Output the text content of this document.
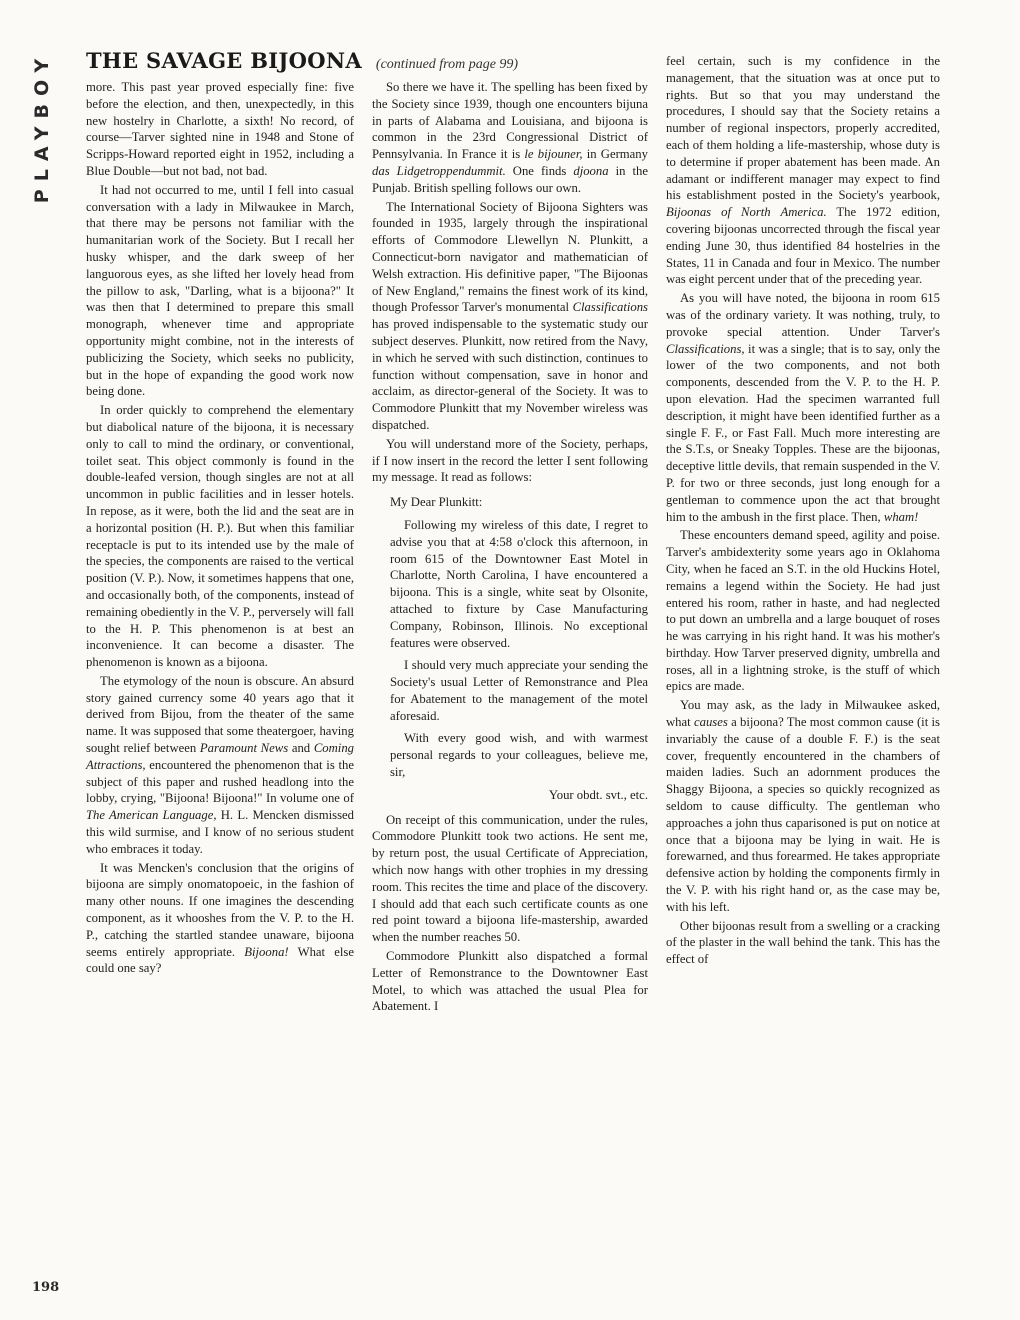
PLAYBOY
198
THE SAVAGE BIJOONA (continued from page 99)

more. This past year proved especially fine: five before the election, and then, unexpectedly, in this new hostelry in Charlotte, a sixth! No record, of course—Tarver sighted nine in 1948 and Stone of Scripps-Howard reported eight in 1952, including a Blue Double—but not bad, not bad.

It had not occurred to me, until I fell into casual conversation with a lady in Milwaukee in March, that there may be persons not familiar with the humanitarian work of the Society. But I recall her husky whisper, and the dark sweep of her languorous eyes, as she lifted her lovely head from the pillow to ask, "Darling, what is a bijoona?" It was then that I determined to prepare this small monograph, whenever time and appropriate opportunity might combine, not in the interests of publicizing the Society, which seeks no publicity, but in the hope of expanding the good work now being done.

In order quickly to comprehend the elementary but diabolical nature of the bijoona, it is necessary only to call to mind the ordinary, or conventional, toilet seat. This object commonly is found in the double-leafed version, though singles are not at all uncommon in public facilities and in lesser hotels. In repose, as it were, both the lid and the seat are in a horizontal position (H. P.). But when this familiar receptacle is put to its intended use by the male of the species, the components are raised to the vertical position (V. P.). Now, it sometimes happens that one, and occasionally both, of the components, instead of remaining obediently in the V. P., perversely will fall to the H. P. This phenomenon is at best an inconvenience. It can become a disaster. The phenomenon is known as a bijoona.

The etymology of the noun is obscure. An absurd story gained currency some 40 years ago that it derived from Bijou, from the theater of the same name. It was supposed that some theatergoer, having sought relief between Paramount News and Coming Attractions, encountered the phenomenon that is the subject of this paper and rushed headlong into the lobby, crying, "Bijoona! Bijoona!" In volume one of The American Language, H. L. Mencken dismissed this wild surmise, and I know of no serious student who embraces it today.

It was Mencken's conclusion that the origins of bijoona are simply onomatopoeic, in the fashion of many other nouns. If one imagines the descending component, as it whooshes from the V. P. to the H. P., catching the startled standee unaware, bijoona seems entirely appropriate. Bijoona! What else could one say?

So there we have it. The spelling has been fixed by the Society since 1939, though one encounters bijuna in parts of Alabama and Louisiana, and bijoona is common in the 23rd Congressional District of Pennsylvania. In France it is le bijouner, in Germany das Lidgetroppendummit. One finds djoona in the Punjab. British spelling follows our own.

The International Society of Bijoona Sighters was founded in 1935, largely through the inspirational efforts of Commodore Llewellyn N. Plunkitt, a Connecticut-born navigator and mathematician of Welsh extraction. His definitive paper, "The Bijoonas of New England," remains the finest work of its kind, though Professor Tarver's monumental Classifications has proved indispensable to the systematic study our subject deserves. Plunkitt, now retired from the Navy, in which he served with such distinction, continues to function without compensation, save in honor and acclaim, as director-general of the Society. It was to Commodore Plunkitt that my November wireless was dispatched.

You will understand more of the Society, perhaps, if I now insert in the record the letter I sent following my message. It read as follows:

My Dear Plunkitt:

Following my wireless of this date, I regret to advise you that at 4:58 o'clock this afternoon, in room 615 of the Downtowner East Motel in Charlotte, North Carolina, I have encountered a bijoona. This is a single, white seat by Olsonite, attached to fixture by Case Manufacturing Company, Robinson, Illinois. No exceptional features were observed.

I should very much appreciate your sending the Society's usual Letter of Remonstrance and Plea for Abatement to the management of the motel aforesaid.

With every good wish, and with warmest personal regards to your colleagues, believe me, sir,

Your obdt. svt., etc.

On receipt of this communication, under the rules, Commodore Plunkitt took two actions. He sent me, by return post, the usual Certificate of Appreciation, which now hangs with other trophies in my dressing room. This recites the time and place of the discovery. I should add that each such certificate counts as one red point toward a bijoona life-mastership, awarded when the number reaches 50.

Commodore Plunkitt also dispatched a formal Letter of Remonstrance to the Downtowner East Motel, to which was attached the usual Plea for Abatement. I

feel certain, such is my confidence in the management, that the situation was at once put to rights. But so that you may understand the procedures, I should say that the Society retains a number of regional inspectors, properly accredited, each of them holding a life-mastership, whose duty is to determine if proper abatement has been made. An adamant or indifferent manager may expect to find his establishment posted in the Society's yearbook, Bijoonas of North America. The 1972 edition, covering bijoonas uncorrected through the fiscal year ending June 30, thus identified 84 hostelries in the States, 11 in Canada and four in Mexico. The number was eight percent under that of the preceding year.

As you will have noted, the bijoona in room 615 was of the ordinary variety. It was nothing, truly, to provoke special attention. Under Tarver's Classifications, it was a single; that is to say, only the lower of the two components, and not both components, descended from the V. P. to the H. P. upon elevation. Had the specimen warranted full description, it might have been identified further as a single F. F., or Fast Fall. Much more interesting are the S.T.s, or Sneaky Topples. These are the bijoonas, deceptive little devils, that remain suspended in the V. P. for two or three seconds, just long enough for a gentleman to commence upon the act that brought him to the ambush in the first place. Then, wham!

These encounters demand speed, agility and poise. Tarver's ambidexterity some years ago in Oklahoma City, when he faced an S.T. in the old Huckins Hotel, remains a legend within the Society. He had just entered his room, rather in haste, and had neglected to put down an umbrella and a large bouquet of roses he was carrying in his right hand. It was his mother's birthday. How Tarver preserved dignity, umbrella and roses, all in a lightning stroke, is the stuff of which epics are made.

You may ask, as the lady in Milwaukee asked, what causes a bijoona? The most common cause (it is invariably the cause of a double F. F.) is the seat cover, frequently encountered in the chambers of maiden ladies. Such an adornment produces the Shaggy Bijoona, a species so quickly recognized as seldom to cause difficulty. The gentleman who approaches a john thus caparisoned is put on notice at once that a bijoona may be lying in wait. He is forewarned, and thus forearmed. He takes appropriate defensive action by holding the components firmly in the V. P. with his right hand or, as the case may be, with his left.

Other bijoonas result from a swelling or a cracking of the plaster in the wall behind the tank. This has the effect of
